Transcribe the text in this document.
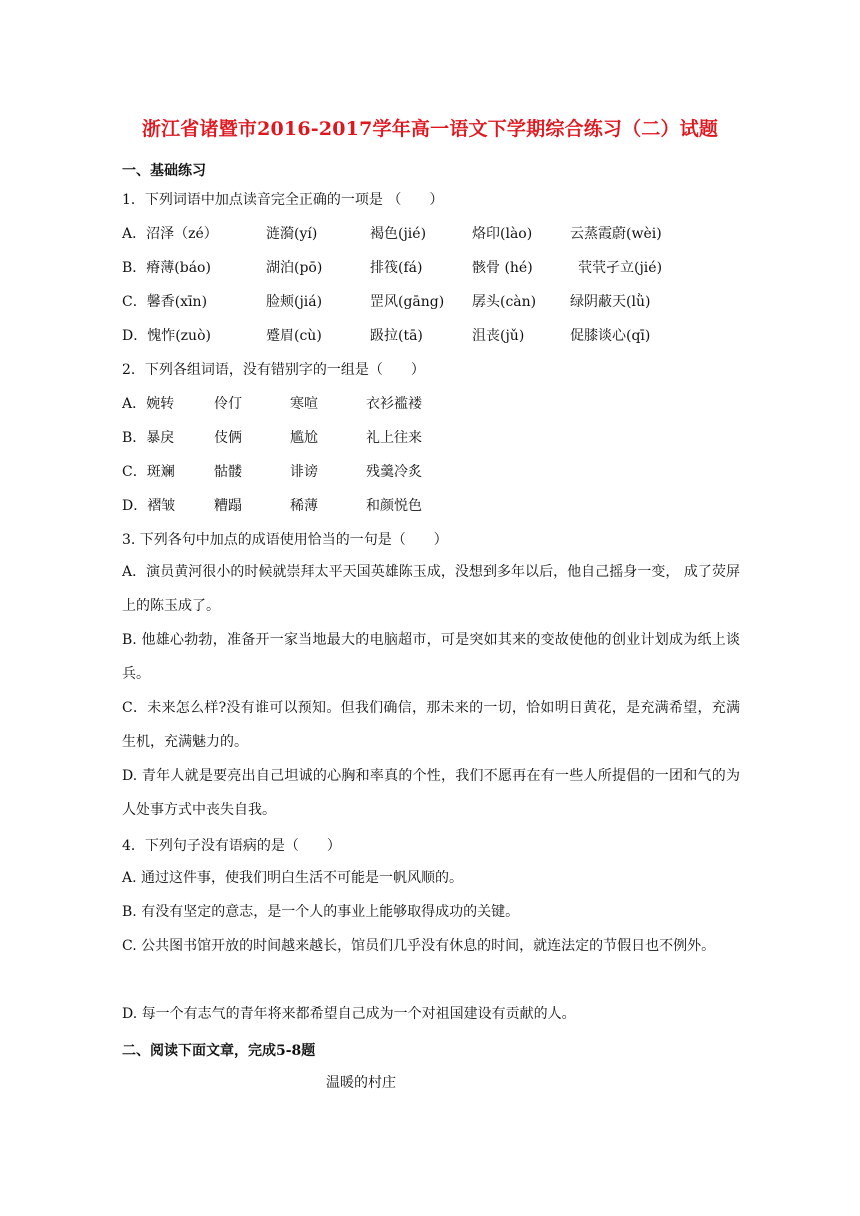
浙江省诸暨市2016-2017学年高一语文下学期综合练习（二）试题
一、基础练习
1．下列词语中加点读音完全正确的一项是 （　　）
A．沼泽（zé）	涟漪(yí)	褐色(jié)	烙印(lào)	云蒸霞蔚(wèi)
B．瘠薄(báo)	湖泊(pō)	排筏(fá)	骸骨 (hé)	茕茕孑立(jié)
C．馨香(xīn)	脸颊(jiá)	罡风(gāng) 孱头(càn) 绿阴蔽天(lǜ)
D．愧怍(zuò)	蹙眉(cù)	趿拉(tā)	沮丧(jǔ)	促膝谈心(qī)
2．下列各组词语，没有错别字的一组是（　　）
A．婉转	伶仃	寒喧	衣衫褴褛
B．暴戾	伎俩	尴尬	礼上往来
C．斑斓	骷髅	诽谤	残羹冷炙
D．褶皱	糟蹋	稀薄	和颜悦色
3. 下列各句中加点的成语使用恰当的一句是（　　）
A．演员黄河很小的时候就崇拜太平天国英雄陈玉成，没想到多年以后，他自己摇身一变， 成了荧屏上的陈玉成了。
B. 他雄心勃勃，准备开一家当地最大的电脑超市，可是突如其来的变故使他的创业计划成为纸上谈兵。
C．未来怎么样?没有谁可以预知。但我们确信，那未来的一切，恰如明日黄花，是充满希望，充满生机，充满魅力的。
D. 青年人就是要亮出自己坦诚的心胸和率真的个性，我们不愿再在有一些人所提倡的一团和气的为人处事方式中丧失自我。
4．下列句子没有语病的是（　　）
A. 通过这件事，使我们明白生活不可能是一帆风顺的。
B. 有没有坚定的意志，是一个人的事业上能够取得成功的关键。
C. 公共图书馆开放的时间越来越长，馆员们几乎没有休息的时间，就连法定的节假日也不例外。
D. 每一个有志气的青年将来都希望自己成为一个对祖国建设有贡献的人。
二、阅读下面文章，完成5-8题
温暖的村庄
